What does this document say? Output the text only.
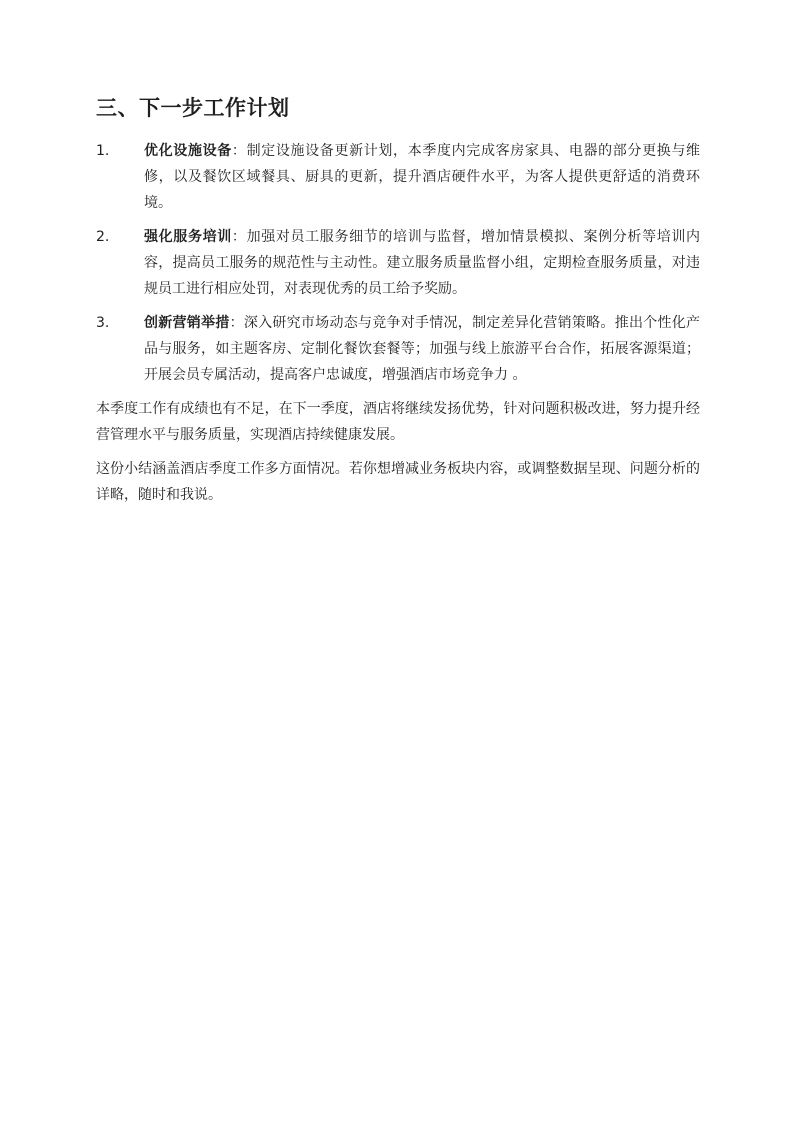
三、下一步工作计划
1. 优化设施设备：制定设施设备更新计划，本季度内完成客房家具、电器的部分更换与维修，以及餐饮区域餐具、厨具的更新，提升酒店硬件水平，为客人提供更舒适的消费环境。
2. 强化服务培训：加强对员工服务细节的培训与监督，增加情景模拟、案例分析等培训内容，提高员工服务的规范性与主动性。建立服务质量监督小组，定期检查服务质量，对违规员工进行相应处罚，对表现优秀的员工给予奖励。
3. 创新营销举措：深入研究市场动态与竞争对手情况，制定差异化营销策略。推出个性化产品与服务，如主题客房、定制化餐饮套餐等；加强与线上旅游平台合作，拓展客源渠道；开展会员专属活动，提高客户忠诚度，增强酒店市场竞争力 。

本季度工作有成绩也有不足，在下一季度，酒店将继续发扬优势，针对问题积极改进，努力提升经营管理水平与服务质量，实现酒店持续健康发展。

这份小结涵盖酒店季度工作多方面情况。若你想增减业务板块内容，或调整数据呈现、问题分析的详略，随时和我说。
